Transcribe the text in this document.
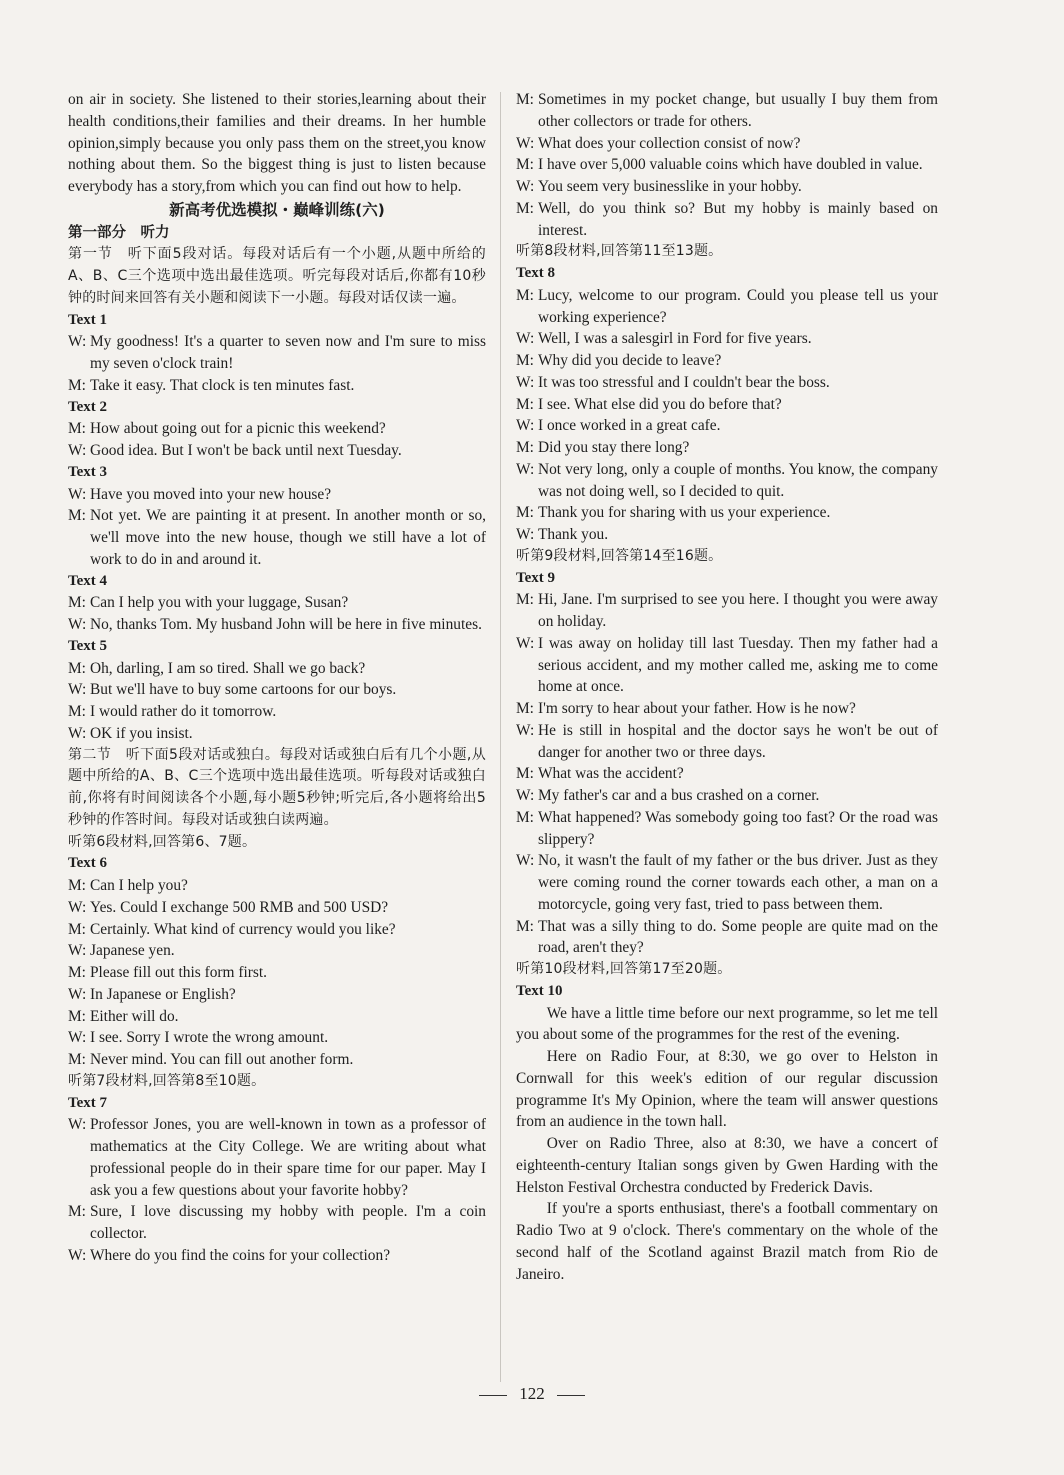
on air in society. She listened to their stories,learning about their health conditions,their families and their dreams. In her humble opinion,simply because you only pass them on the street,you know nothing about them. So the biggest thing is just to listen because everybody has a story,from which you can find out how to help.

新高考优选模拟・巅峰训练(六)

第一部分　听力

第一节　听下面5段对话。每段对话后有一个小题,从题中所给的A、B、C三个选项中选出最佳选项。听完每段对话后,你都有10秒钟的时间来回答有关小题和阅读下一小题。每段对话仅读一遍。

Text 1

W: My goodness! It's a quarter to seven now and I'm sure to miss my seven o'clock train!
M: Take it easy. That clock is ten minutes fast.

Text 2

M: How about going out for a picnic this weekend?
W: Good idea. But I won't be back until next Tuesday.

Text 3

W: Have you moved into your new house?
M: Not yet. We are painting it at present. In another month or so, we'll move into the new house, though we still have a lot of work to do in and around it.

Text 4

M: Can I help you with your luggage, Susan?
W: No, thanks Tom. My husband John will be here in five minutes.

Text 5

M: Oh, darling, I am so tired. Shall we go back?
W: But we'll have to buy some cartoons for our boys.
M: I would rather do it tomorrow.
W: OK if you insist.

第二节　听下面5段对话或独白。每段对话或独白后有几个小题,从题中所给的A、B、C三个选项中选出最佳选项。听每段对话或独白前,你将有时间阅读各个小题,每小题5秒钟;听完后,各小题将给出5秒钟的作答时间。每段对话或独白读两遍。

听第6段材料,回答第6、7题。

Text 6

M: Can I help you?
W: Yes. Could I exchange 500 RMB and 500 USD?
M: Certainly. What kind of currency would you like?
W: Japanese yen.
M: Please fill out this form first.
W: In Japanese or English?
M: Either will do.
W: I see. Sorry I wrote the wrong amount.
M: Never mind. You can fill out another form.

听第7段材料,回答第8至10题。

Text 7

W: Professor Jones, you are well-known in town as a professor of mathematics at the City College. We are writing about what professional people do in their spare time for our paper. May I ask you a few questions about your favorite hobby?
M: Sure, I love discussing my hobby with people. I'm a coin collector.
W: Where do you find the coins for your collection?
M: Sometimes in my pocket change, but usually I buy them from other collectors or trade for others.
W: What does your collection consist of now?
M: I have over 5,000 valuable coins which have doubled in value.
W: You seem very businesslike in your hobby.
M: Well, do you think so? But my hobby is mainly based on interest.

听第8段材料,回答第11至13题。

Text 8

M: Lucy, welcome to our program. Could you please tell us your working experience?
W: Well, I was a salesgirl in Ford for five years.
M: Why did you decide to leave?
W: It was too stressful and I couldn't bear the boss.
M: I see. What else did you do before that?
W: I once worked in a great cafe.
M: Did you stay there long?
W: Not very long, only a couple of months. You know, the company was not doing well, so I decided to quit.
M: Thank you for sharing with us your experience.
W: Thank you.

听第9段材料,回答第14至16题。

Text 9

M: Hi, Jane. I'm surprised to see you here. I thought you were away on holiday.
W: I was away on holiday till last Tuesday. Then my father had a serious accident, and my mother called me, asking me to come home at once.
M: I'm sorry to hear about your father. How is he now?
W: He is still in hospital and the doctor says he won't be out of danger for another two or three days.
M: What was the accident?
W: My father's car and a bus crashed on a corner.
M: What happened? Was somebody going too fast? Or the road was slippery?
W: No, it wasn't the fault of my father or the bus driver. Just as they were coming round the corner towards each other, a man on a motorcycle, going very fast, tried to pass between them.
M: That was a silly thing to do. Some people are quite mad on the road, aren't they?

听第10段材料,回答第17至20题。

Text 10

We have a little time before our next programme, so let me tell you about some of the programmes for the rest of the evening.

Here on Radio Four, at 8:30, we go over to Helston in Cornwall for this week's edition of our regular discussion programme It's My Opinion, where the team will answer questions from an audience in the town hall.

Over on Radio Three, also at 8:30, we have a concert of eighteenth-century Italian songs given by Gwen Harding with the Helston Festival Orchestra conducted by Frederick Davis.

If you're a sports enthusiast, there's a football commentary on Radio Two at 9 o'clock. There's commentary on the whole of the second half of the Scotland against Brazil match from Rio de Janeiro.

122
